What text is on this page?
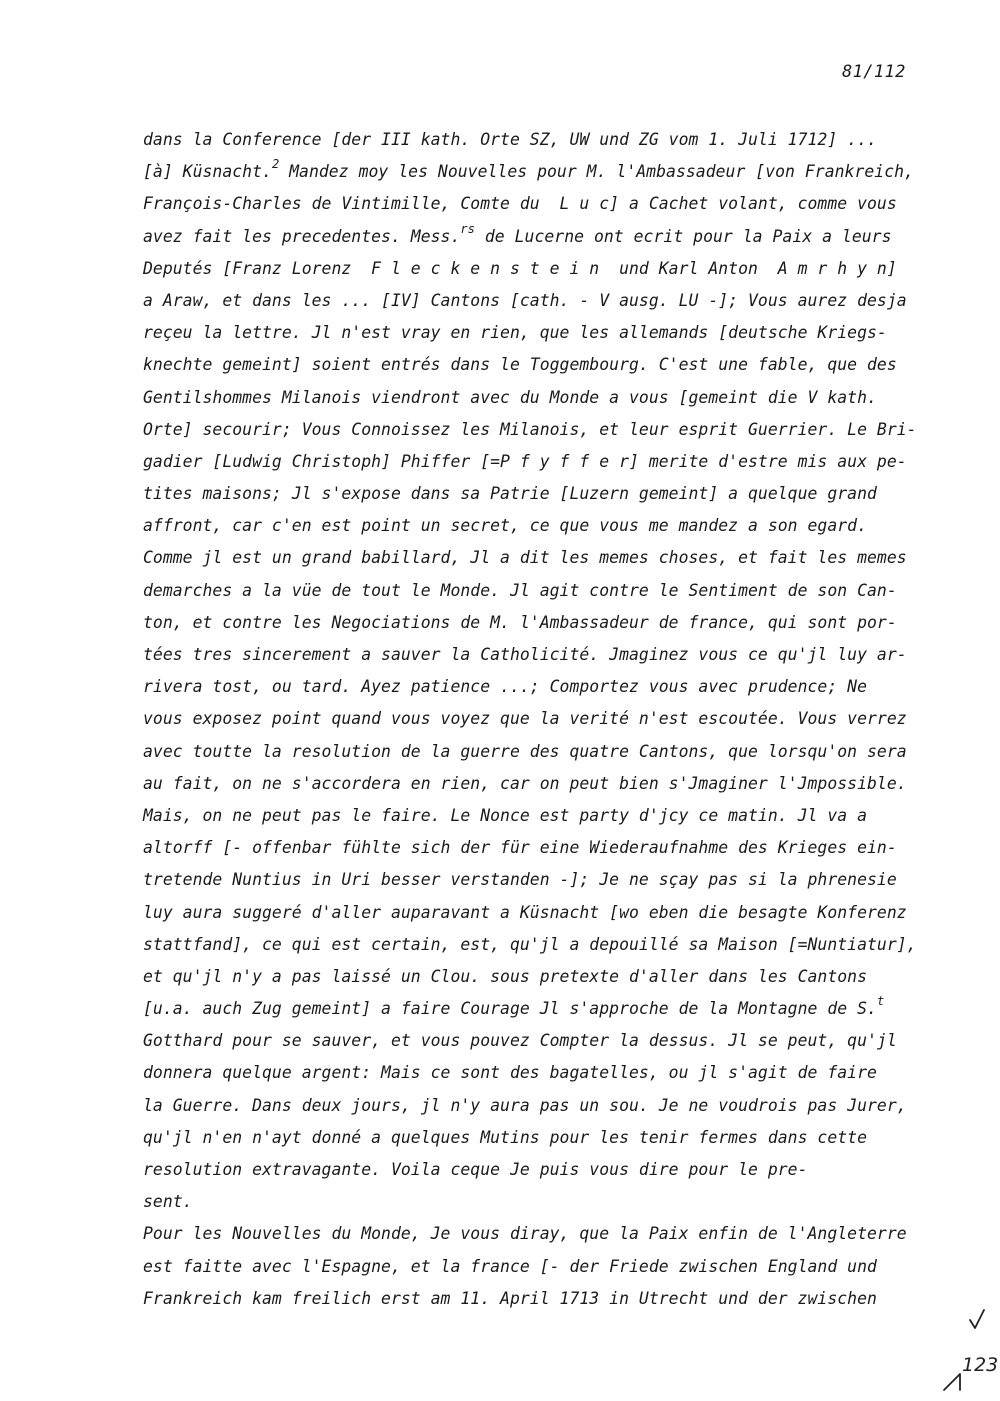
81/112
dans la Conference [der III kath. Orte SZ, UW und ZG vom 1. Juli 1712] ...
[à] Küsnacht.$^2$ Mandez moy les Nouvelles pour M. l'Ambassadeur [von Frankreich,
François-Charles de Vintimille, Comte du  L u c] a Cachet volant, comme vous
avez fait les precedentes. Mess.$^{rs}$ de Lucerne ont ecrit pour la Paix a leurs
Deputés [Franz Lorenz  F l e c k e n s t e i n  und Karl Anton  A m r h y n]
a Araw, et dans les ... [IV] Cantons [cath. - V ausg. LU -]; Vous aurez desja
reçeu la lettre. Jl n'est vray en rien, que les allemands [deutsche Kriegs-
knechte gemeint] soient entrés dans le Toggembourg. C'est une fable, que des
Gentilshommes Milanois viendront avec du Monde a vous [gemeint die V kath.
Orte] secourir; Vous Connoissez les Milanois, et leur esprit Guerrier. Le Bri-
gadier [Ludwig Christoph] Phiffer [=P f y f f e r] merite d'estre mis aux pe-
tites maisons; Jl s'expose dans sa Patrie [Luzern gemeint] a quelque grand
affront, car c'en est point un secret, ce que vous me mandez a son egard.
Comme jl est un grand babillard, Jl a dit les memes choses, et fait les memes
demarches a la vüe de tout le Monde. Jl agit contre le Sentiment de son Can-
ton, et contre les Negociations de M. l'Ambassadeur de france, qui sont por-
tées tres sincerement a sauver la Catholicité. Jmaginez vous ce qu'jl luy ar-
rivera tost, ou tard. Ayez patience ...; Comportez vous avec prudence; Ne
vous exposez point quand vous voyez que la verité n'est escoutée. Vous verrez
avec toutte la resolution de la guerre des quatre Cantons, que lorsqu'on sera
au fait, on ne s'accordera en rien, car on peut bien s'Jmaginer l'Jmpossible.
Mais, on ne peut pas le faire. Le Nonce est party d'jcy ce matin. Jl va a
altorff [- offenbar fühlte sich der für eine Wiederaufnahme des Krieges ein-
tretende Nuntius in Uri besser verstanden -]; Je ne sçay pas si la phrenesie
luy aura suggeré d'aller auparavant a Küsnacht [wo eben die besagte Konferenz
stattfand], ce qui est certain, est, qu'jl a depouillé sa Maison [=Nuntiatur],
et qu'jl n'y a pas laissé un Clou. sous pretexte d'aller dans les Cantons
[u.a. auch Zug gemeint] a faire Courage Jl s'approche de la Montagne de S.$^t$
Gotthard pour se sauver, et vous pouvez Compter la dessus. Jl se peut, qu'jl
donnera quelque argent: Mais ce sont des bagatelles, ou jl s'agit de faire
la Guerre. Dans deux jours, jl n'y aura pas un sou. Je ne voudrois pas Jurer,
qu'jl n'en n'ayt donné a quelques Mutins pour les tenir fermes dans cette
resolution extravagante. Voila ceque Je puis vous dire pour le pre-
sent.
Pour les Nouvelles du Monde, Je vous diray, que la Paix enfin de l'Angleterre
est faitte avec l'Espagne, et la france [- der Friede zwischen England und
Frankreich kam freilich erst am 11. April 1713 in Utrecht und der zwischen
123
